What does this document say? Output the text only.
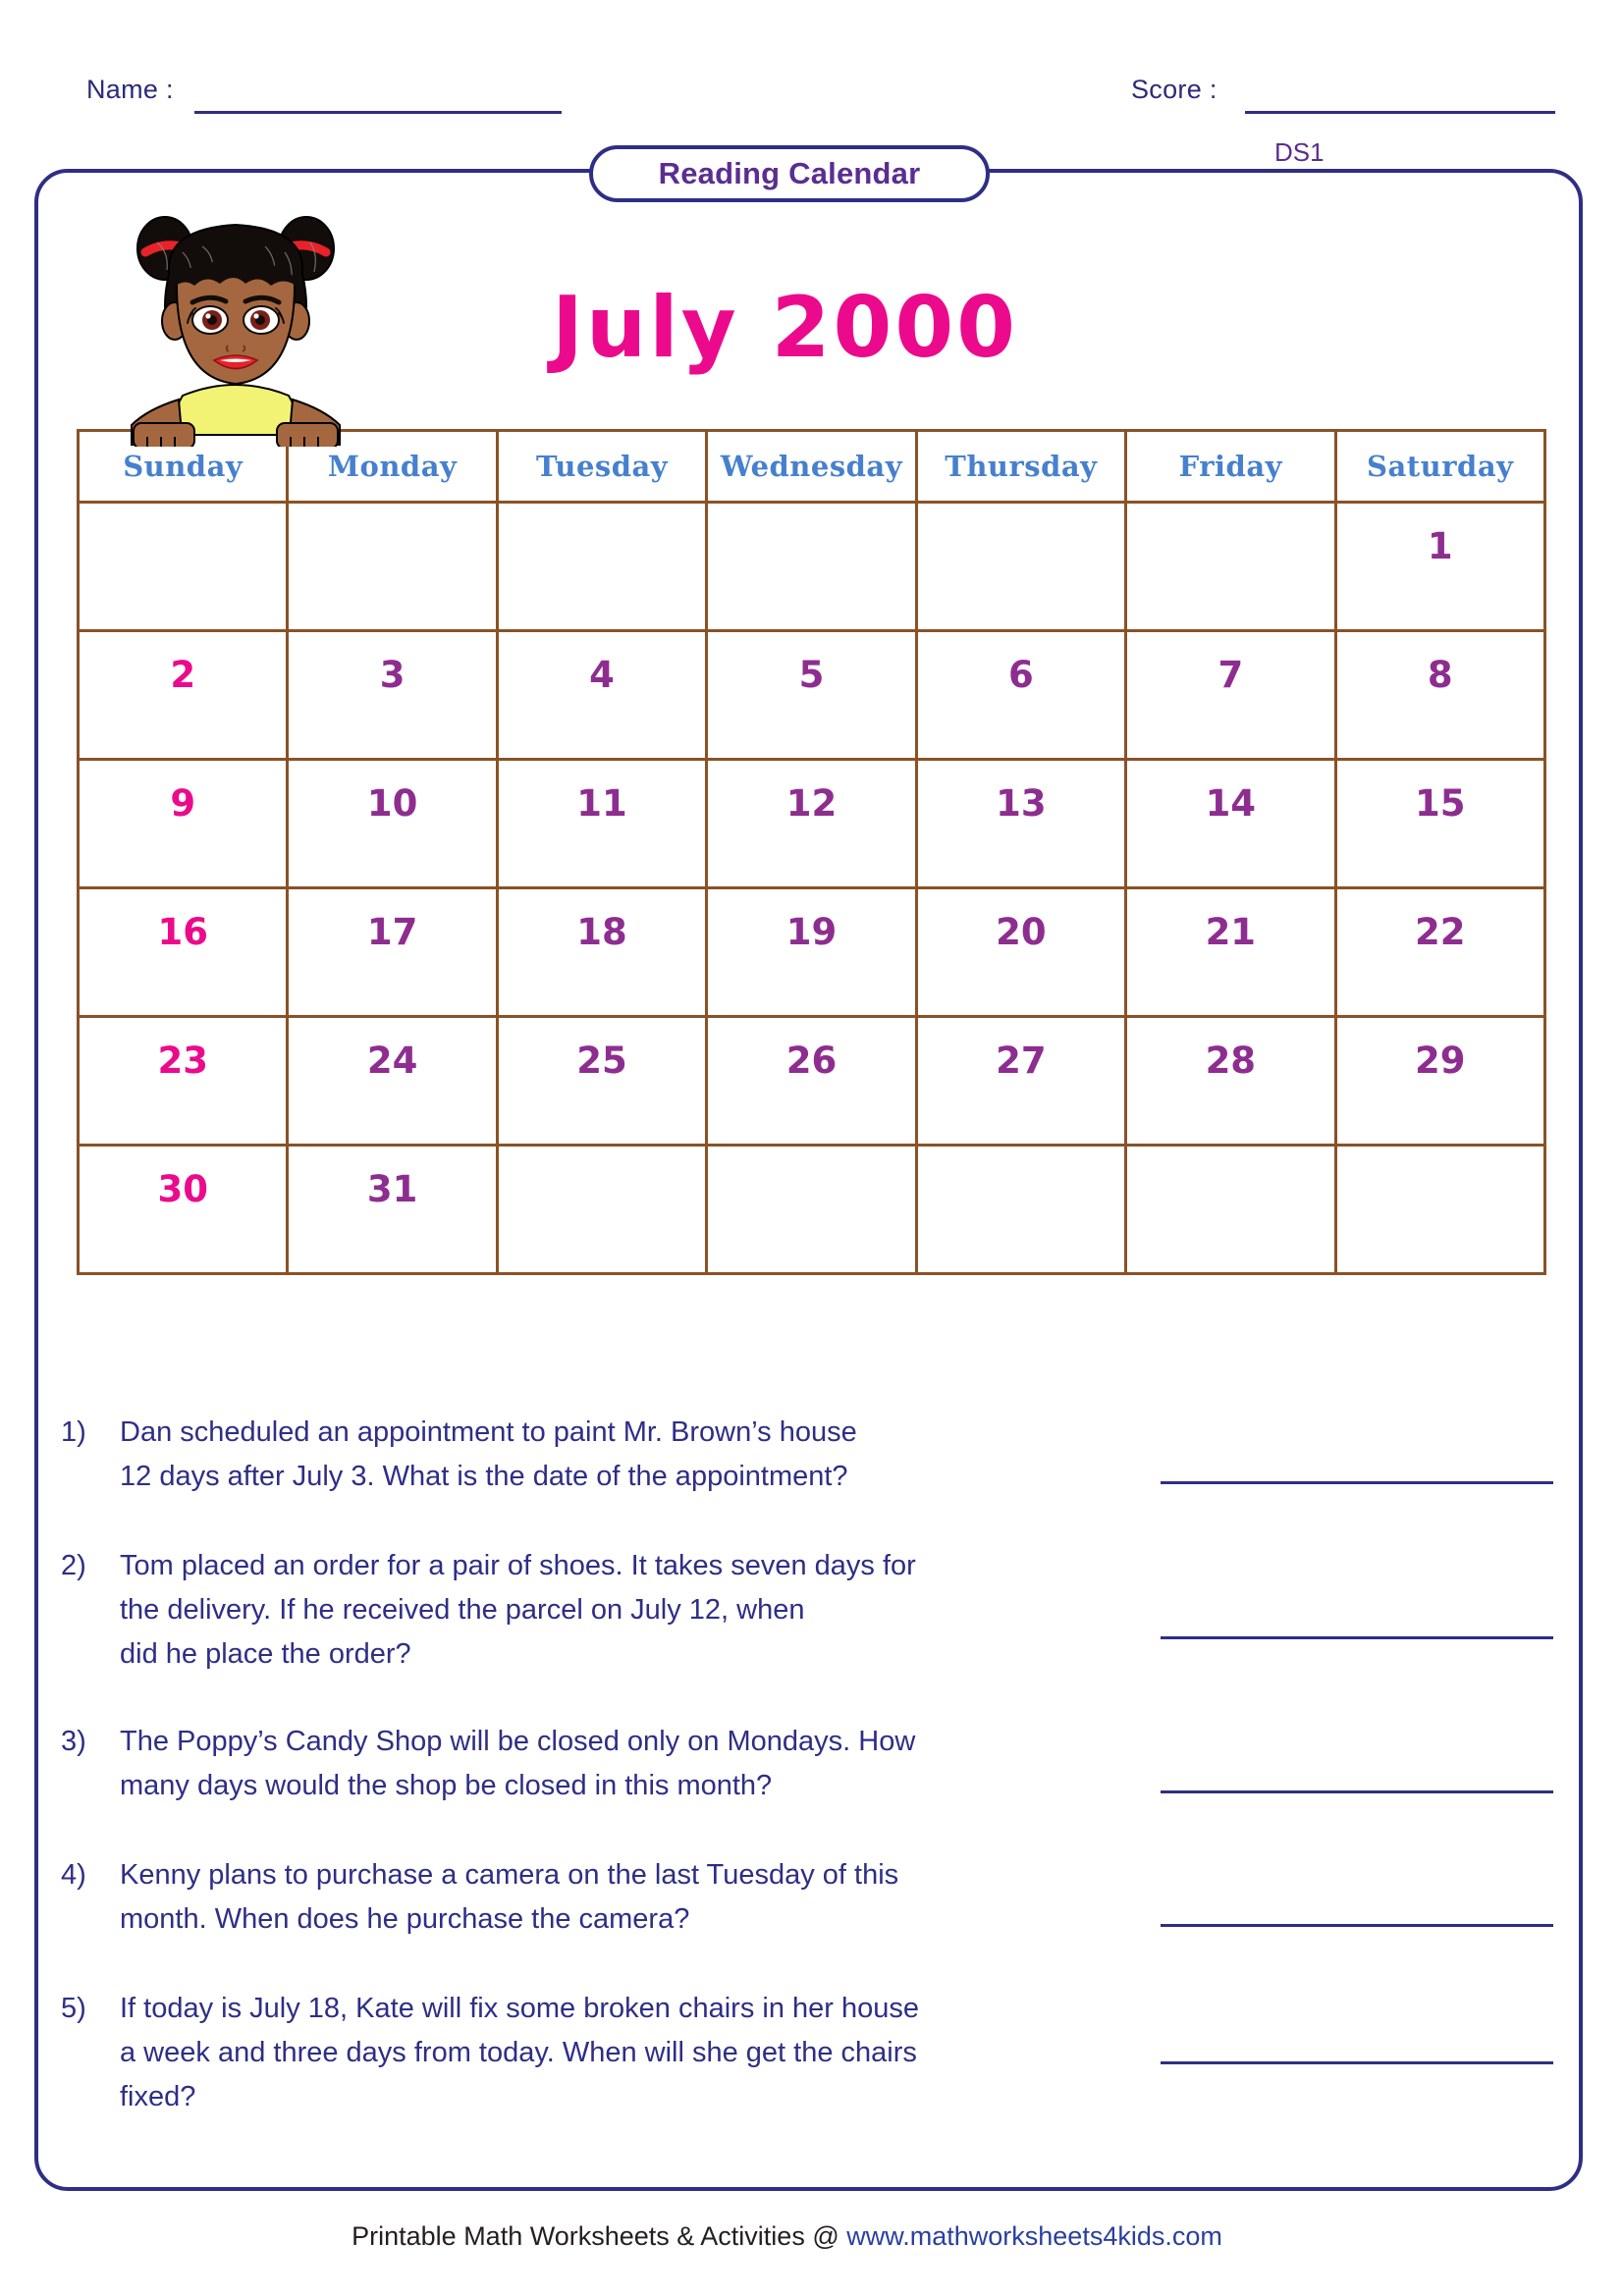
Name :	Score :
DS1
Reading Calendar
July 2000
Sunday	Monday	Tuesday	Wednesday	Thursday	Friday	Saturday
						1
2	3	4	5	6	7	8
9	10	11	12	13	14	15
16	17	18	19	20	21	22
23	24	25	26	27	28	29
30	31					
1)	Dan scheduled an appointment to paint Mr. Brown’s house
12 days after July 3. What is the date of the appointment?
2)	Tom placed an order for a pair of shoes. It takes seven days for
the delivery. If he received the parcel on July 12, when
did he place the order?
3)	The Poppy’s Candy Shop will be closed only on Mondays. How
many days would the shop be closed in this month?
4)	Kenny plans to purchase a camera on the last Tuesday of this
month. When does he purchase the camera?
5)	If today is July 18, Kate will fix some broken chairs in her house
a week and three days from today. When will she get the chairs
fixed?
Printable Math Worksheets & Activities @ www.mathworksheets4kids.com
